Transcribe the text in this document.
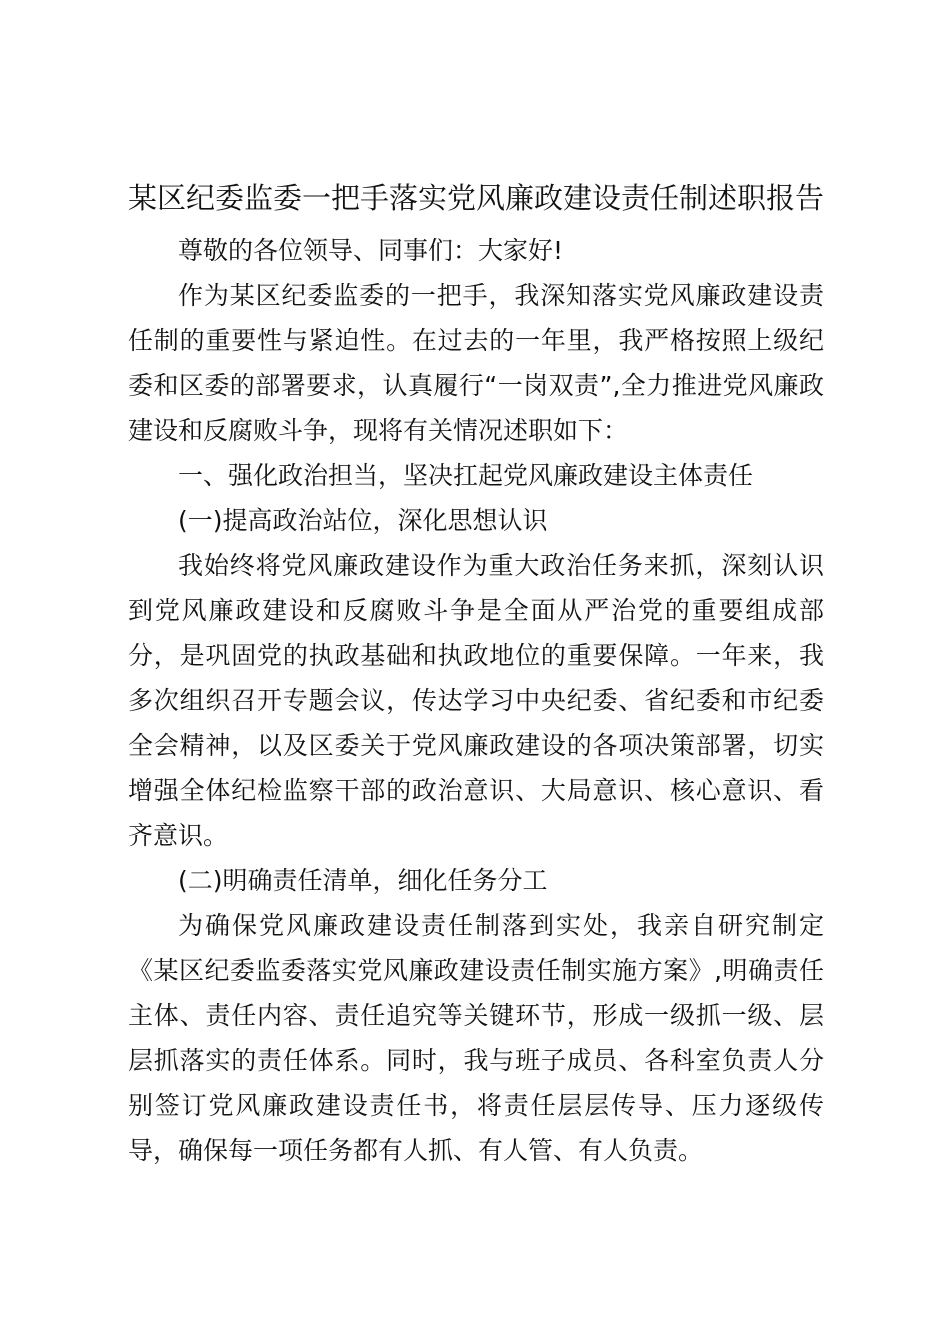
某区纪委监委一把手落实党风廉政建设责任制述职报告

尊敬的各位领导、同事们：大家好!

作为某区纪委监委的一把手，我深知落实党风廉政建设责任制的重要性与紧迫性。在过去的一年里，我严格按照上级纪委和区委的部署要求，认真履行“一岗双责”,全力推进党风廉政建设和反腐败斗争，现将有关情况述职如下：

一、强化政治担当，坚决扛起党风廉政建设主体责任

(一)提高政治站位，深化思想认识

我始终将党风廉政建设作为重大政治任务来抓，深刻认识到党风廉政建设和反腐败斗争是全面从严治党的重要组成部分，是巩固党的执政基础和执政地位的重要保障。一年来，我多次组织召开专题会议，传达学习中央纪委、省纪委和市纪委全会精神，以及区委关于党风廉政建设的各项决策部署，切实增强全体纪检监察干部的政治意识、大局意识、核心意识、看齐意识。

(二)明确责任清单，细化任务分工

为确保党风廉政建设责任制落到实处，我亲自研究制定《某区纪委监委落实党风廉政建设责任制实施方案》,明确责任主体、责任内容、责任追究等关键环节，形成一级抓一级、层层抓落实的责任体系。同时，我与班子成员、各科室负责人分别签订党风廉政建设责任书，将责任层层传导、压力逐级传导，确保每一项任务都有人抓、有人管、有人负责。
